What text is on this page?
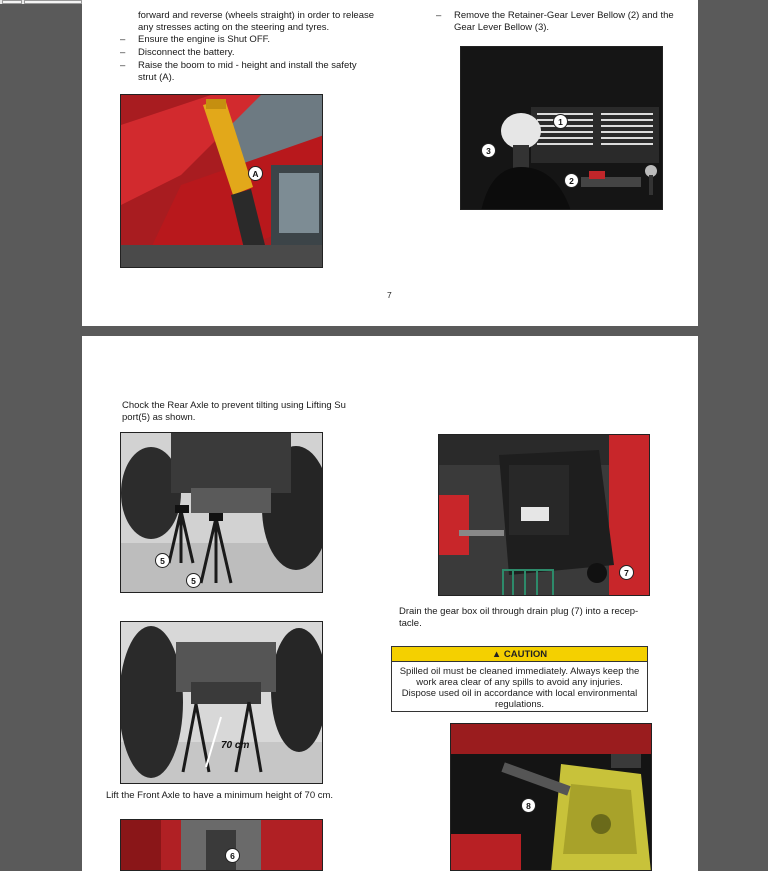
forward and reverse (wheels straight) in order to release
any stresses acting on the steering and tyres.
– Ensure the engine is Shut OFF.
– Disconnect the battery.
– Raise the boom to mid - height and install the safety
strut (A).
– Remove the Retainer-Gear Lever Bellow (2) and the
Gear Lever Bellow (3).
A
1
2
3
7
Chock the Rear Axle to prevent tilting using Lifting Su
port(5) as shown.
5
5
7
Drain the gear box oil through drain plug (7) into a recep-
tacle.
▲ CAUTION
Spilled oil must be cleaned immediately. Always keep the work area clear of any spills to avoid any injuries. Dispose used oil in accordance with local environmental regulations.
70 cm
Lift the Front Axle to have a minimum height of 70 cm.
8
6
